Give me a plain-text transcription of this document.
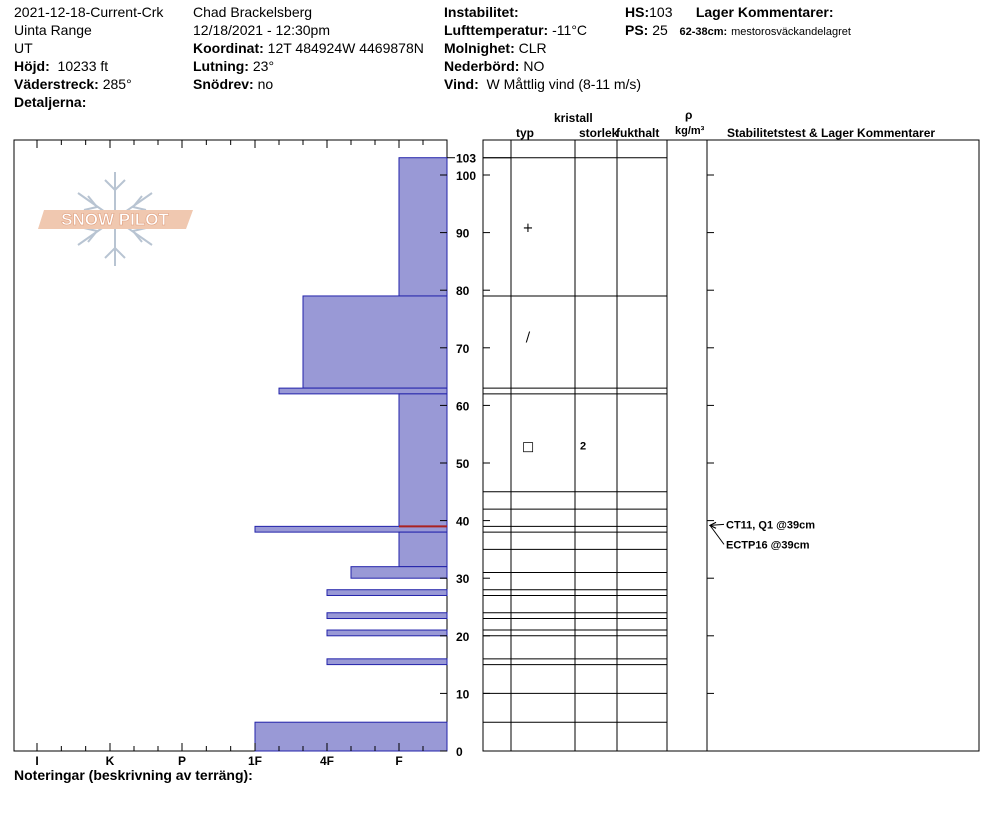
2021-12-18-Current-Crk
Uinta Range
UT
Höjd: 10233 ft
Väderstreck: 285°
Detaljerna:
Chad Brackelsberg
12/18/2021 - 12:30pm
Koordinat: 12T 484924W 4469878N
Lutning: 23°
Snödrev: no
Instabilitet:
Lufttemperatur: -11°C
Molnighet: CLR
Nederbörd: NO
Vind: W Måttlig vind (8-11 m/s)
HS:103 Lager Kommentarer:
PS: 25 62-38cm: mestorosväckandelagret
SNOW PILOT
I	K	P	1F	4F	F
0
10
20
30
40
50
60
70
80
90
100
103
+
/
□	2
CT11, Q1 @39cm
ECTP16 @39cm
kristall
typ	storlek
fukthalt
ρ
kg/m³ Stabilitetstest & Lager Kommentarer
Noteringar (beskrivning av terräng):
